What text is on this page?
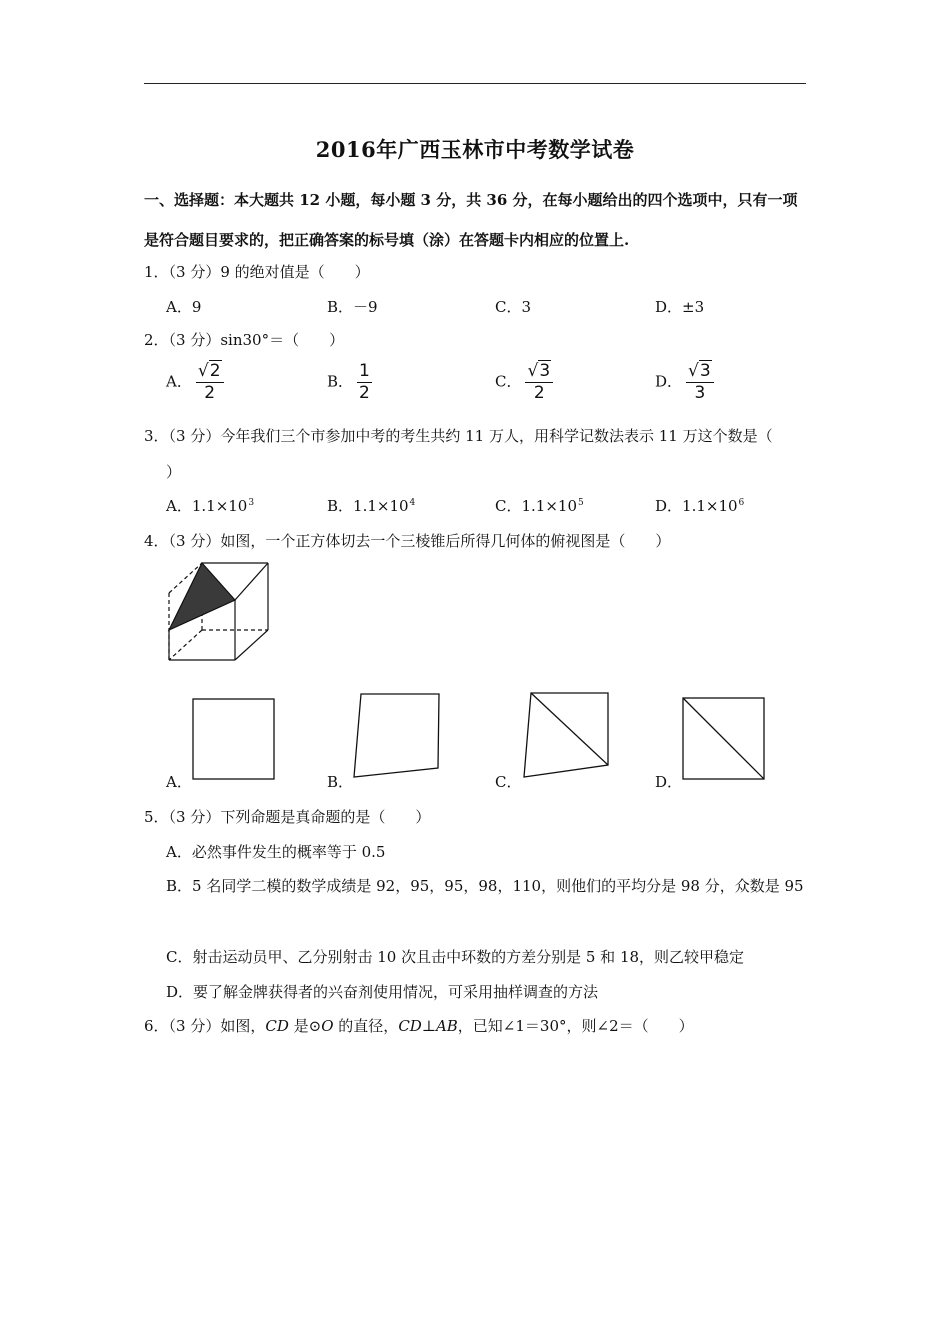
2016年广西玉林市中考数学试卷
一、选择题：本大题共 12 小题，每小题 3 分，共 36 分，在每小题给出的四个选项中，只有一项
是符合题目要求的，把正确答案的标号填（涂）在答题卡内相应的位置上.
1．（3 分）9 的绝对值是（　　）
A．9	B．－9	C．3	D．±3
2．（3 分）sin30°＝（　　）
A． $\frac{√2}{2}$	B． $\frac{1}{2}$	C． $\frac{√3}{2}$	D． $\frac{√3}{3}$
3．（3 分）今年我们三个市参加中考的考生共约 11 万人，用科学记数法表示 11 万这个数是（
）
A．$1.1\times 10^3$	B．$1.1\times 10^4$	C．$1.1\times 10^5$	D．$1.1\times 10^6$
4．（3 分）如图，一个正方体切去一个三棱锥后所得几何体的俯视图是（　　）
A．	B．	C．	D．
5．（3 分）下列命题是真命题的是（　　）
A．必然事件发生的概率等于 0.5
B．5 名同学二模的数学成绩是 92，95，95，98，110，则他们的平均分是 98 分，众数是 95
C．射击运动员甲、乙分别射击 10 次且击中环数的方差分别是 5 和 18，则乙较甲稳定
D．要了解金牌获得者的兴奋剂使用情况，可采用抽样调查的方法
6．（3 分）如图，CD 是⊙O 的直径，CD⊥AB，已知∠1＝30°，则∠2＝（　　）
